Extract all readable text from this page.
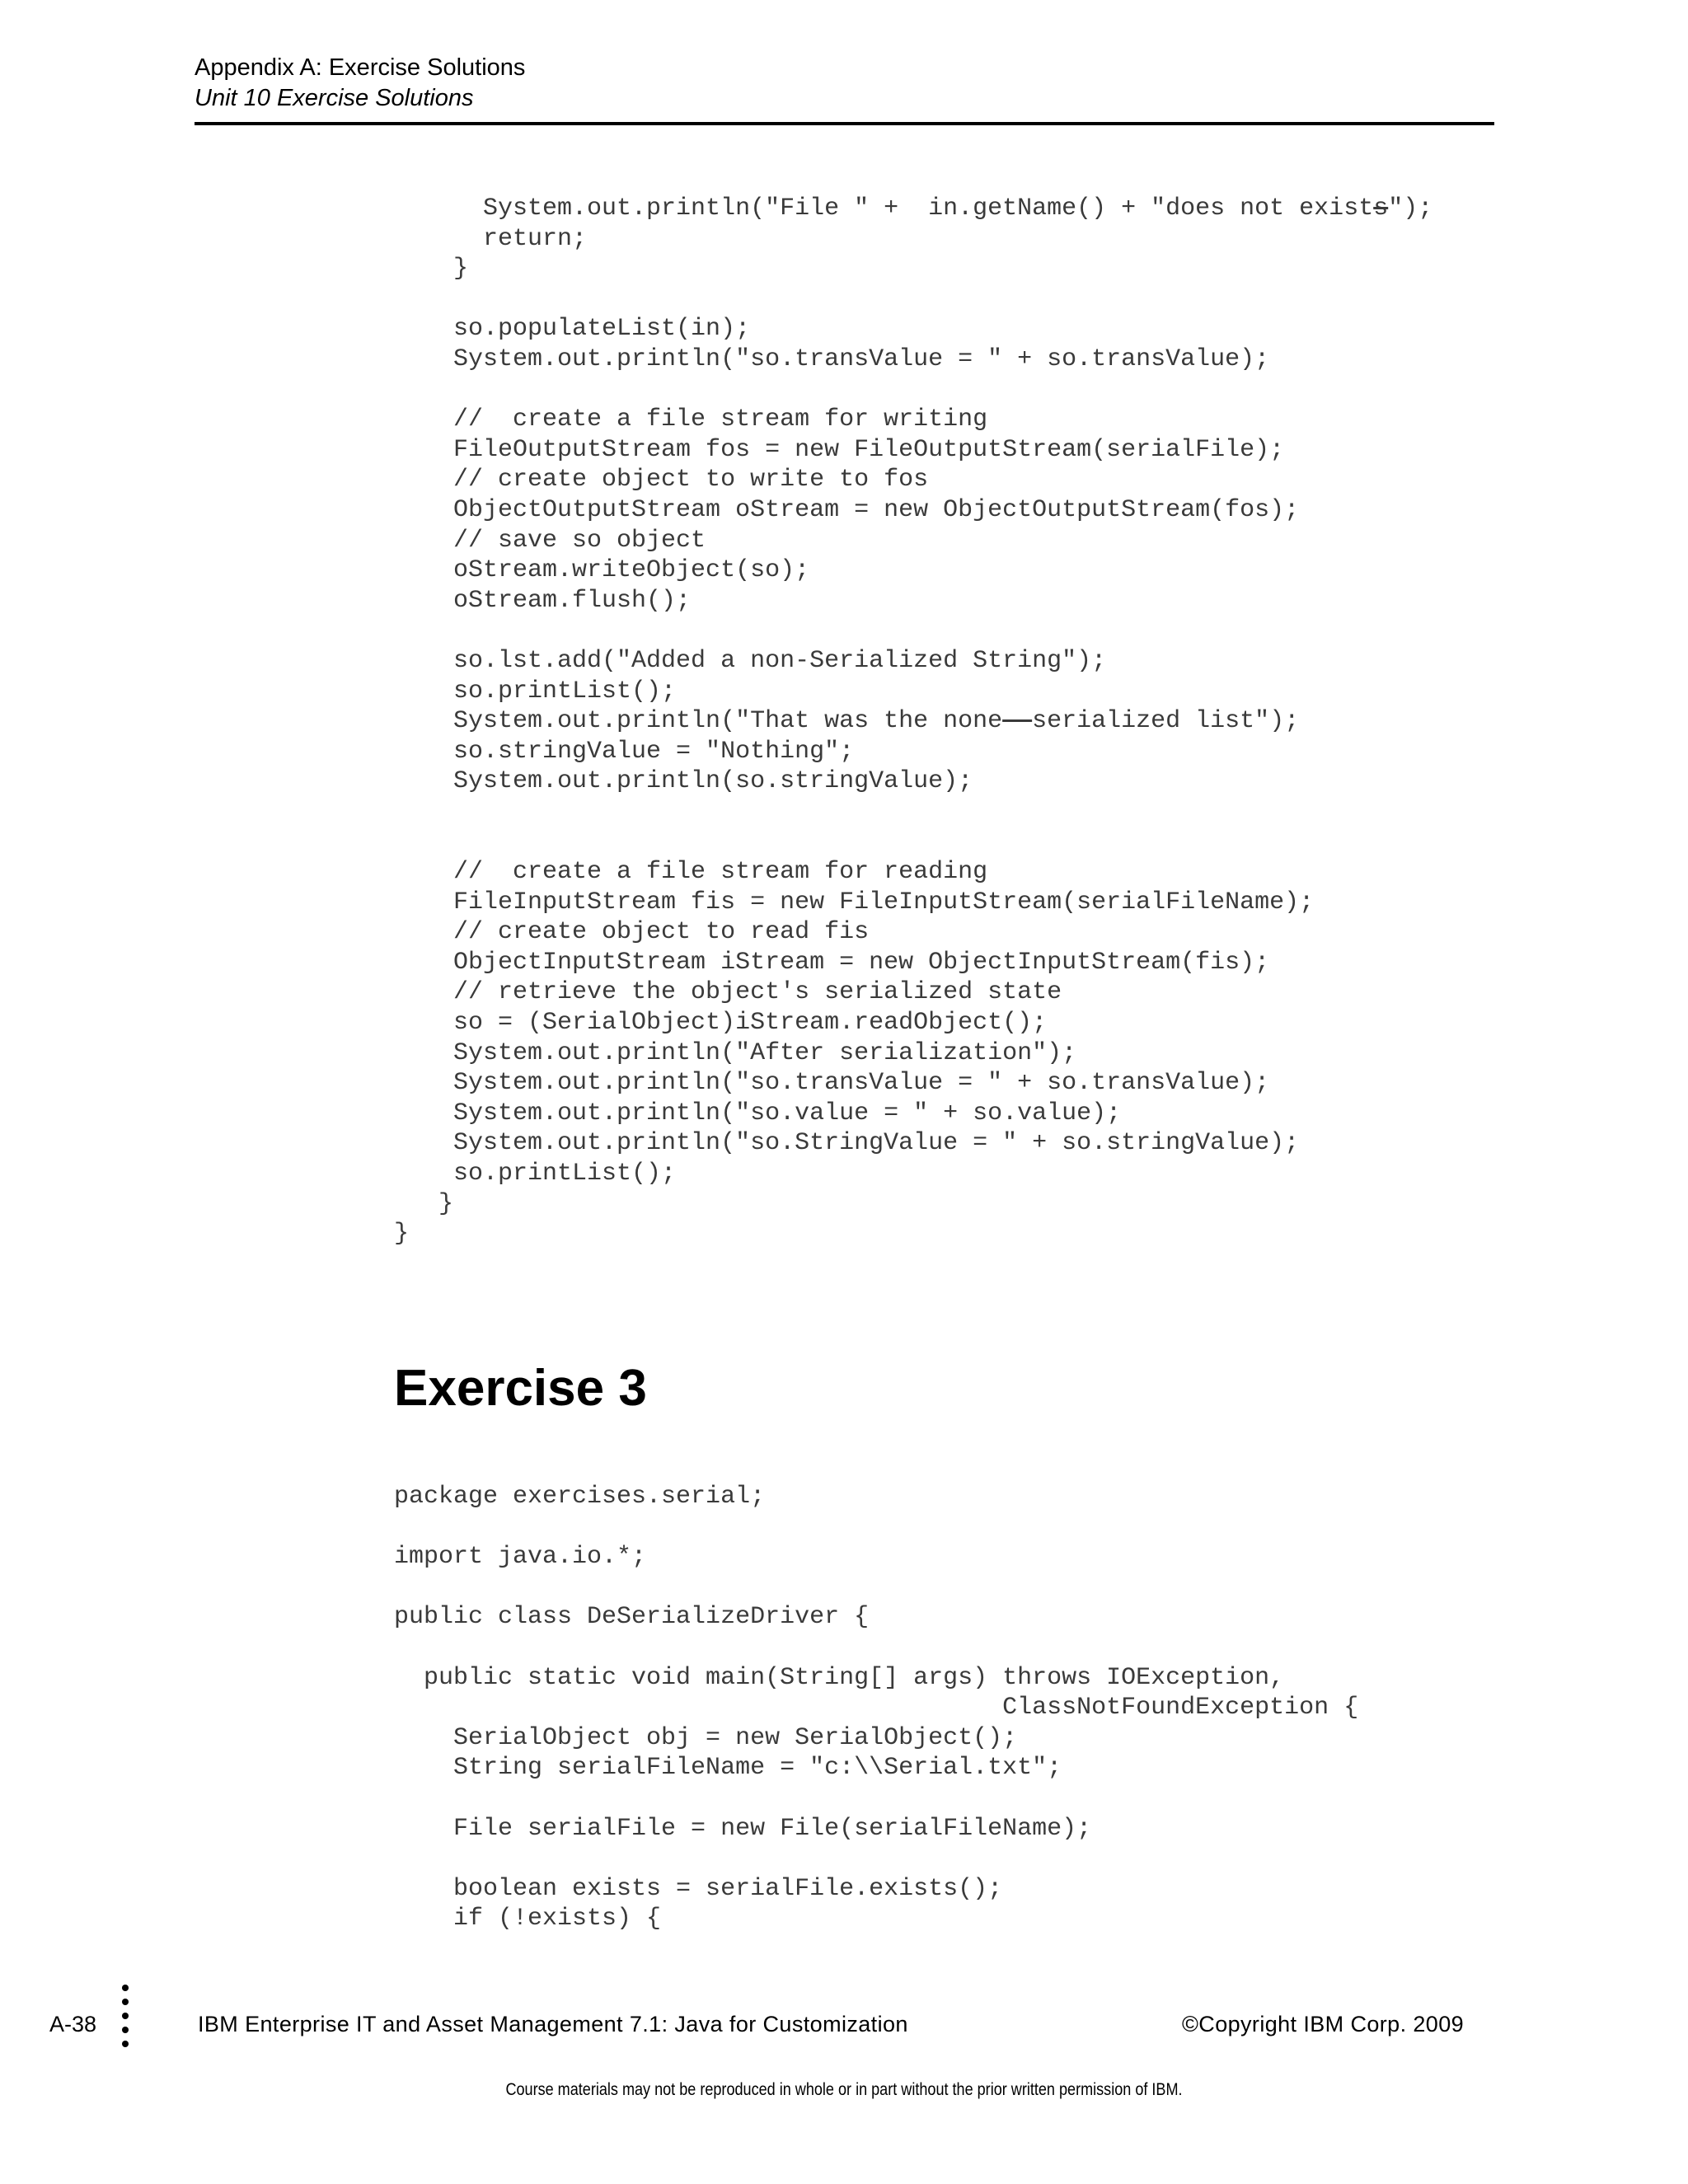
Appendix A: Exercise Solutions
Unit 10 Exercise Solutions
System.out.println("File " +  in.getName() + "does not exists");
return;
}

so.populateList(in);
System.out.println("so.transValue = " + so.transValue);

//  create a file stream for writing
FileOutputStream fos = new FileOutputStream(serialFile);
// create object to write to fos
ObjectOutputStream oStream = new ObjectOutputStream(fos);
// save so object
oStream.writeObject(so);
oStream.flush();

so.lst.add("Added a non-Serialized String");
so.printList();
System.out.println("That was the none--serialized list");
so.stringValue = "Nothing";
System.out.println(so.stringValue);

//  create a file stream for reading
FileInputStream fis = new FileInputStream(serialFileName);
// create object to read fis
ObjectInputStream iStream = new ObjectInputStream(fis);
// retrieve the object's serialized state
so = (SerialObject)iStream.readObject();
System.out.println("After serialization");
System.out.println("so.transValue = " + so.transValue);
System.out.println("so.value = " + so.value);
System.out.println("so.StringValue = " + so.stringValue);
so.printList();
}
}
Exercise 3
package exercises.serial;

import java.io.*;

public class DeSerializeDriver {

public static void main(String[] args) throws IOException,
ClassNotFoundException {
SerialObject obj = new SerialObject();
String serialFileName = "c:\\Serial.txt";

File serialFile = new File(serialFileName);

boolean exists = serialFile.exists();
if (!exists) {
A-38	IBM Enterprise IT and Asset Management 7.1: Java for Customization	©Copyright IBM Corp. 2009
Course materials may not be reproduced in whole or in part without the prior written permission of IBM.
